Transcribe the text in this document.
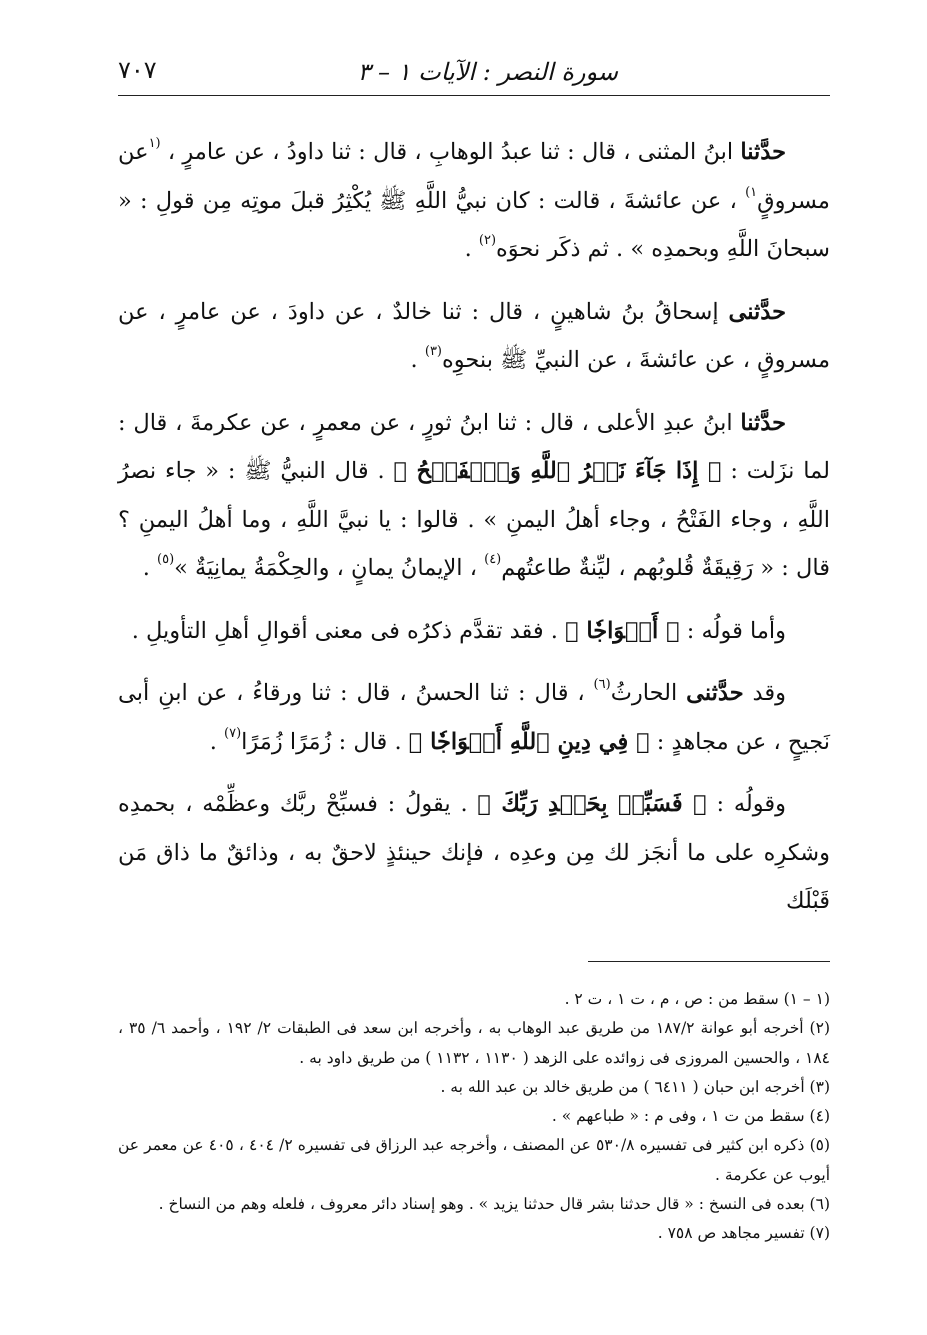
سورة النصر : الآيات ١ – ٣
٧٠٧

حدَّثنا ابنُ المثنى ، قال : ثنا عبدُ الوهابِ ، قال : ثنا داودُ ، عن عامرٍ ، $^{(١}$عن مسروقٍ$^{١)}$ ، عن عائشةَ ، قالت : كان نبيُّ اللَّهِ ﷺ يُكْثِرُ قبلَ موتِه مِن قولِ : « سبحانَ اللَّهِ وبحمدِه » . ثم ذكَر نحوَه$^{(٢)}$ .

حدَّثنى إسحاقُ بنُ شاهينٍ ، قال : ثنا خالدٌ ، عن داودَ ، عن عامرٍ ، عن مسروقٍ ، عن عائشةَ ، عن النبيِّ ﷺ بنحوِه$^{(٣)}$ .

حدَّثنا ابنُ عبدِ الأعلى ، قال : ثنا ابنُ ثورٍ ، عن معمرٍ ، عن عكرمةَ ، قال : لما نزَلت : ﴿ إِذَا جَآءَ نَصۡرُ ٱللَّهِ وَٱلۡفَتۡحُ ﴾ . قال النبيُّ ﷺ : « جاء نصرُ اللَّهِ ، وجاء الفَتْحُ ، وجاء أهلُ اليمنِ » . قالوا : يا نبيَّ اللَّهِ ، وما أهلُ اليمنِ ؟ قال : « رَقِيقَةٌ قُلوبُهم ، ليِّنةٌ طاعتُهم$^{(٤)}$ ، الإيمانُ يمانٍ ، والحِكْمَةُ يمانِيَةٌ »$^{(٥)}$ .

وأما قولُه : ﴿ أَفۡوَاجٗا ﴾ . فقد تقدَّم ذكرُه فى معنى أقوالِ أهلِ التأويلِ .

وقد حدَّثنى الحارثُ$^{(٦)}$ ، قال : ثنا الحسنُ ، قال : ثنا ورقاءُ ، عن ابنِ أبى نَجيحٍ ، عن مجاهدٍ : ﴿ فِي دِينِ ٱللَّهِ أَفۡوَاجٗا ﴾ . قال : زُمَرًا زُمَرًا$^{(٧)}$ .

وقولُه : ﴿ فَسَبِّحۡ بِحَمۡدِ رَبِّكَ ﴾ . يقولُ : فسبِّحْ ربَّك وعظِّمْه ، بحمدِه وشكرِه على ما أنجَز لك مِن وعدِه ، فإنك حينئذٍ لاحقٌ به ، وذائقٌ ما ذاق مَن قَبْلَك

(١ – ١) سقط من : ص ، م ، ت ١ ، ت ٢ .

(٢) أخرجه أبو عوانة ١٨٧/٢ من طريق عبد الوهاب به ، وأخرجه ابن سعد فى الطبقات ٢/ ١٩٢ ، وأحمد ٦/ ٣٥ ، ١٨٤ ، والحسين المروزى فى زوائده على الزهد ( ١١٣٠ ، ١١٣٢ ) من طريق داود به .

(٣) أخرجه ابن حبان ( ٦٤١١ ) من طريق خالد بن عبد الله به .

(٤) سقط من ت ١ ، وفى م : « طباعهم » .

(٥) ذكره ابن كثير فى تفسيره ٥٣٠/٨ عن المصنف ، وأخرجه عبد الرزاق فى تفسيره ٢/ ٤٠٤ ، ٤٠٥ عن معمر عن أيوب عن عكرمة .

(٦) بعده فى النسخ : « قال حدثنا بشر قال حدثنا يزيد » . وهو إسناد دائر معروف ، فلعله وهم من النساخ .

(٧) تفسير مجاهد ص ٧٥٨ .
